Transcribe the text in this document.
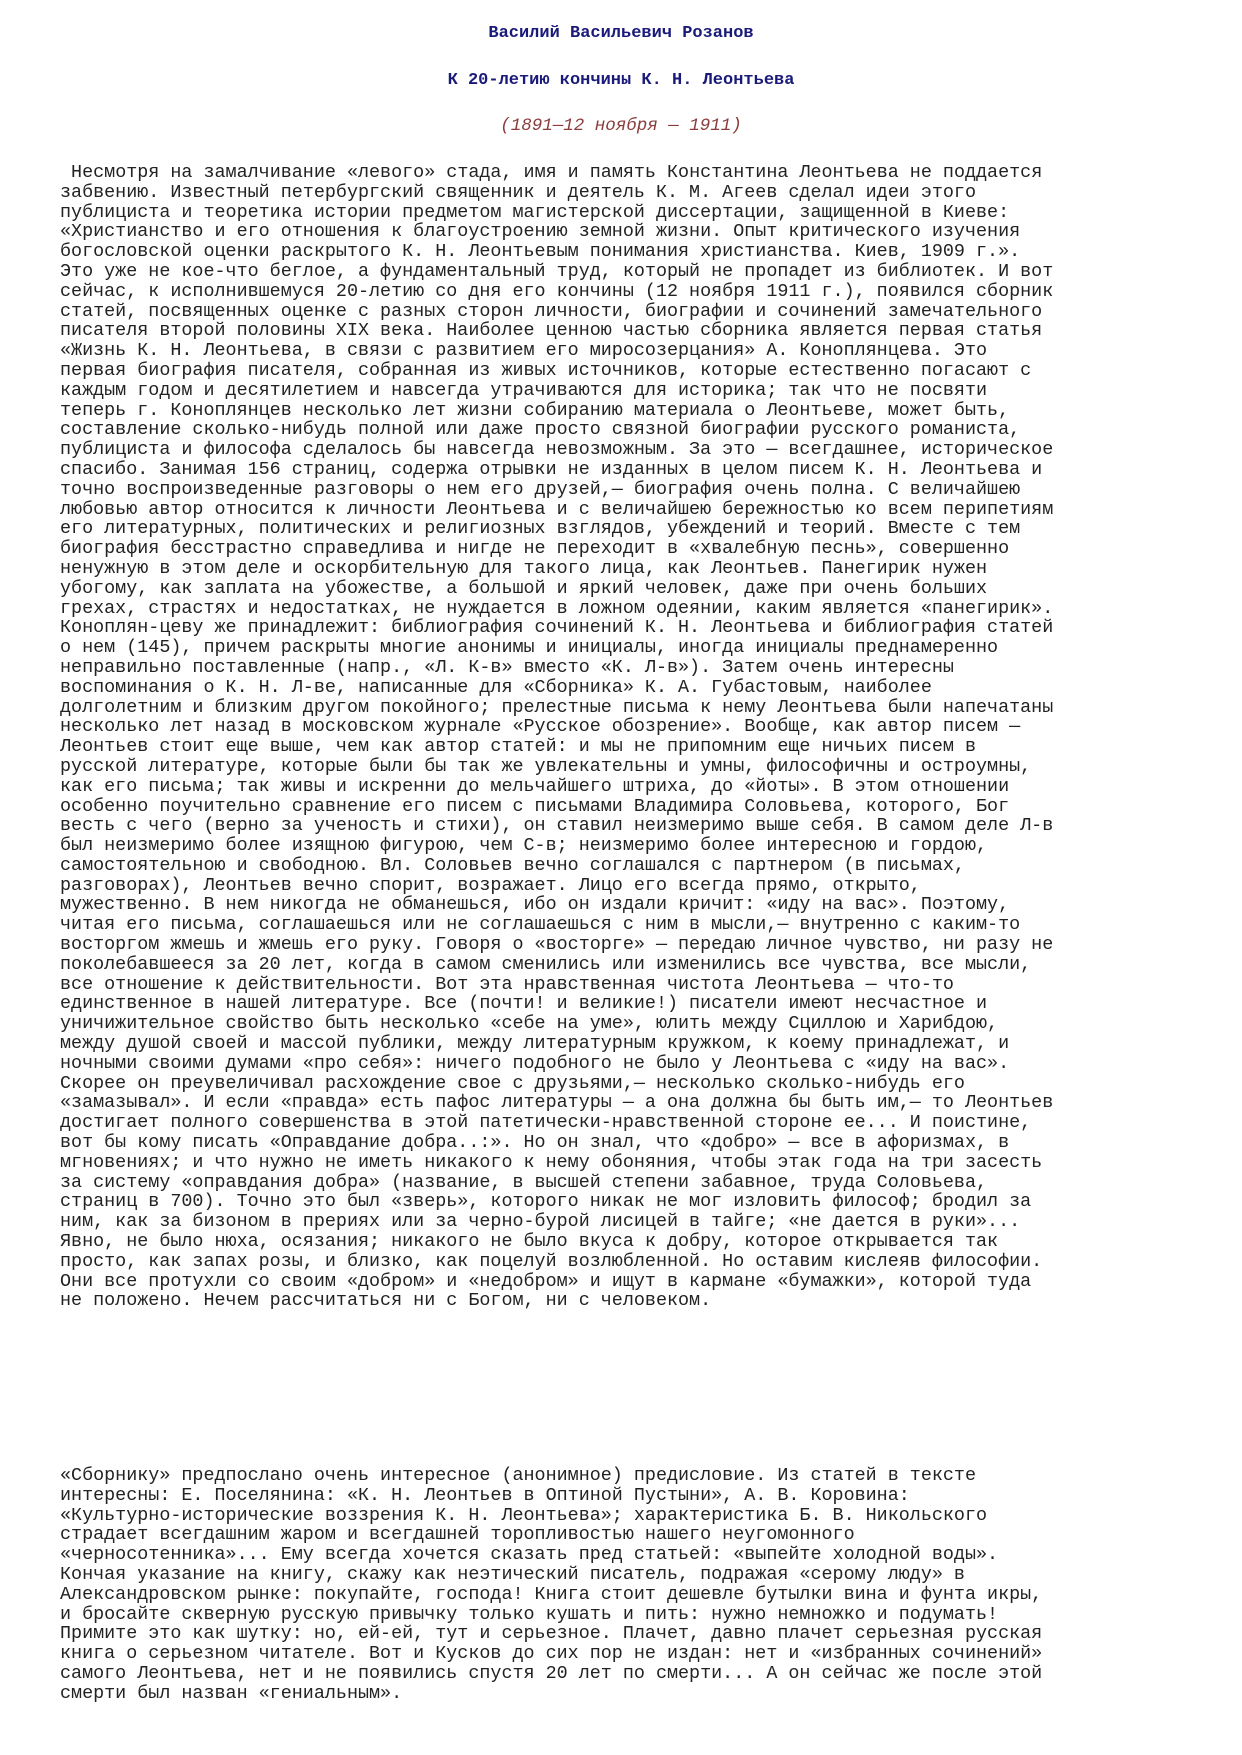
Василий Васильевич Розанов
К 20-летию кончины К. Н. Леонтьева
(1891—12 ноября — 1911)

Несмотря на замалчивание «левого» стада, имя и память Константина Леонтьева не поддается
забвению. Известный петербургский священник и деятель К. М. Агеев сделал идеи этого
публициста и теоретика истории предметом магистерской диссертации, защищенной в Киеве:
«Христианство и его отношения к благоустроению земной жизни. Опыт критического изучения
богословской оценки раскрытого К. Н. Леонтьевым понимания христианства. Киев, 1909 г.».
Это уже не кое-что беглое, а фундаментальный труд, который не пропадет из библиотек. И вот
сейчас, к исполнившемуся 20-летию со дня его кончины (12 ноября 1911 г.), появился сборник
статей, посвященных оценке с разных сторон личности, биографии и сочинений замечательного
писателя второй половины XIX века. Наиболее ценною частью сборника является первая статья
«Жизнь К. Н. Леонтьева, в связи с развитием его миросозерцания» А. Коноплянцева. Это
первая биография писателя, собранная из живых источников, которые естественно погасают с
каждым годом и десятилетием и навсегда утрачиваются для историка; так что не посвяти
теперь г. Коноплянцев несколько лет жизни собиранию материала о Леонтьеве, может быть,
составление сколько-нибудь полной или даже просто связной биографии русского романиста,
публициста и философа сделалось бы навсегда невозможным. За это — всегдашнее, историческое
спасибо. Занимая 156 страниц, содержа отрывки не изданных в целом писем К. Н. Леонтьева и
точно воспроизведенные разговоры о нем его друзей,— биография очень полна. С величайшею
любовью автор относится к личности Леонтьева и с величайшею бережностью ко всем перипетиям
его литературных, политических и религиозных взглядов, убеждений и теорий. Вместе с тем
биография бесстрастно справедлива и нигде не переходит в «хвалебную песнь», совершенно
ненужную в этом деле и оскорбительную для такого лица, как Леонтьев. Панегирик нужен
убогому, как заплата на убожестве, а большой и яркий человек, даже при очень больших
грехах, страстях и недостатках, не нуждается в ложном одеянии, каким является «панегирик».
Коноплян-цеву же принадлежит: библиография сочинений К. Н. Леонтьева и библиография статей
о нем (145), причем раскрыты многие анонимы и инициалы, иногда инициалы преднамеренно
неправильно поставленные (напр., «Л. К-в» вместо «К. Л-в»). Затем очень интересны
воспоминания о К. Н. Л-ве, написанные для «Сборника» К. А. Губастовым, наиболее
долголетним и близким другом покойного; прелестные письма к нему Леонтьева были напечатаны
несколько лет назад в московском журнале «Русское обозрение». Вообще, как автор писем —
Леонтьев стоит еще выше, чем как автор статей: и мы не припомним еще ничьих писем в
русской литературе, которые были бы так же увлекательны и умны, философичны и остроумны,
как его письма; так живы и искренни до мельчайшего штриха, до «йоты». В этом отношении
особенно поучительно сравнение его писем с письмами Владимира Соловьева, которого, Бог
весть с чего (верно за ученость и стихи), он ставил неизмеримо выше себя. В самом деле Л-в
был неизмеримо более изящною фигурою, чем С-в; неизмеримо более интересною и гордою,
самостоятельною и свободною. Вл. Соловьев вечно соглашался с партнером (в письмах,
разговорах), Леонтьев вечно спорит, возражает. Лицо его всегда прямо, открыто,
мужественно. В нем никогда не обманешься, ибо он издали кричит: «иду на вас». Поэтому,
читая его письма, соглашаешься или не соглашаешься с ним в мысли,— внутренно с каким-то
восторгом жмешь и жмешь его руку. Говоря о «восторге» — передаю личное чувство, ни разу не
поколебавшееся за 20 лет, когда в самом сменились или изменились все чувства, все мысли,
все отношение к действительности. Вот эта нравственная чистота Леонтьева — что-то
единственное в нашей литературе. Все (почти! и великие!) писатели имеют несчастное и
уничижительное свойство быть несколько «себе на уме», юлить между Сциллою и Харибдою,
между душой своей и массой публики, между литературным кружком, к коему принадлежат, и
ночными своими думами «про себя»: ничего подобного не было у Леонтьева с «иду на вас».
Скорее он преувеличивал расхождение свое с друзьями,— несколько сколько-нибудь его
«замазывал». И если «правда» есть пафос литературы — а она должна бы быть им,— то Леонтьев
достигает полного совершенства в этой патетически-нравственной стороне ее... И поистине,
вот бы кому писать «Оправдание добра..:». Но он знал, что «добро» — все в афоризмах, в
мгновениях; и что нужно не иметь никакого к нему обоняния, чтобы этак года на три засесть
за систему «оправдания добра» (название, в высшей степени забавное, труда Соловьева,
страниц в 700). Точно это был «зверь», которого никак не мог изловить философ; бродил за
ним, как за бизоном в прериях или за черно-бурой лисицей в тайге; «не дается в руки»...
Явно, не было нюха, осязания; никакого не было вкуса к добру, которое открывается так
просто, как запах розы, и близко, как поцелуй возлюбленной. Но оставим кислеяв философии.
Они все протухли со своим «добром» и «недобром» и ищут в кармане «бумажки», которой туда
не положено. Нечем рассчитаться ни с Богом, ни с человеком.

«Сборнику» предпослано очень интересное (анонимное) предисловие. Из статей в тексте
интересны: Е. Поселянина: «К. Н. Леонтьев в Оптиной Пустыни», А. В. Коровина:
«Культурно-исторические воззрения К. Н. Леонтьева»; характеристика Б. В. Никольского
страдает всегдашним жаром и всегдашней торопливостью нашего неугомонного
«черносотенника»... Ему всегда хочется сказать пред статьей: «выпейте холодной воды».
Кончая указание на книгу, скажу как неэтический писатель, подражая «серому люду» в
Александровском рынке: покупайте, господа! Книга стоит дешевле бутылки вина и фунта икры,
и бросайте скверную русскую привычку только кушать и пить: нужно немножко и подумать!
Примите это как шутку: но, ей-ей, тут и серьезное. Плачет, давно плачет серьезная русская
книга о серьезном читателе. Вот и Кусков до сих пор не издан: нет и «избранных сочинений»
самого Леонтьева, нет и не появились спустя 20 лет по смерти... А он сейчас же после этой
смерти был назван «гениальным».
